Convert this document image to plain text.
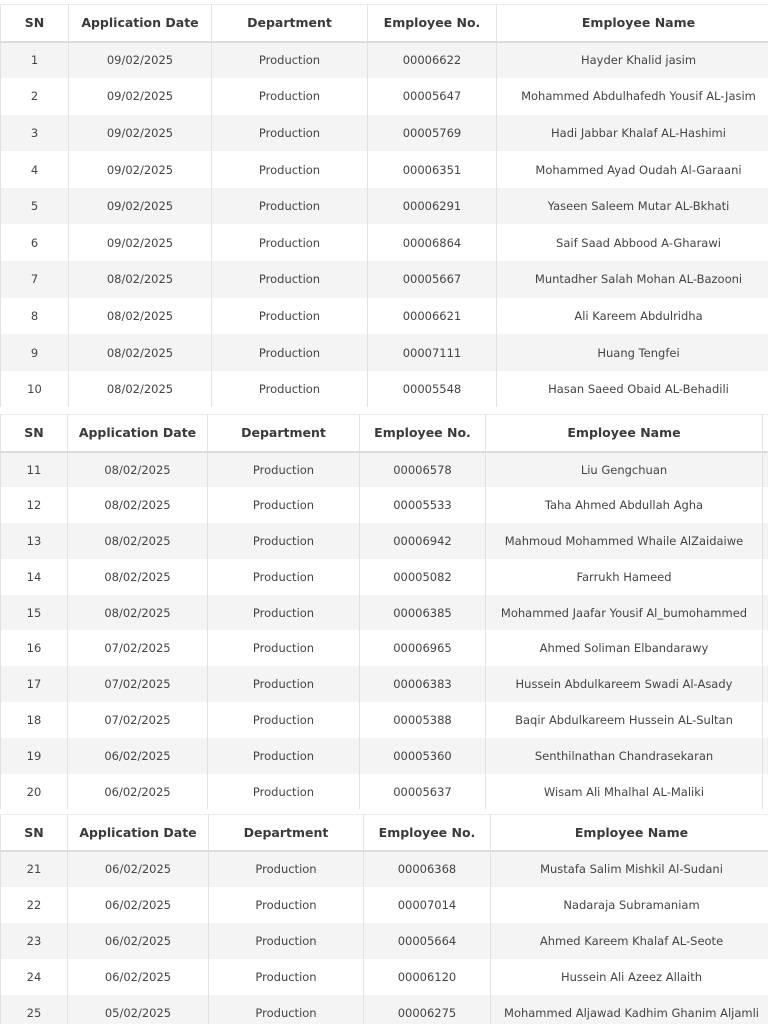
SN	Application Date	Department	Employee No.	Employee Name
1	09/02/2025	Production	00006622	Hayder Khalid jasim
2	09/02/2025	Production	00005647	Mohammed Abdulhafedh Yousif AL-Jasim
3	09/02/2025	Production	00005769	Hadi Jabbar Khalaf AL-Hashimi
4	09/02/2025	Production	00006351	Mohammed Ayad Oudah Al-Garaani
5	09/02/2025	Production	00006291	Yaseen Saleem Mutar AL-Bkhati
6	09/02/2025	Production	00006864	Saif Saad Abbood A-Gharawi
7	08/02/2025	Production	00005667	Muntadher Salah Mohan AL-Bazooni
8	08/02/2025	Production	00006621	Ali Kareem Abdulridha
9	08/02/2025	Production	00007111	Huang Tengfei
10	08/02/2025	Production	00005548	Hasan Saeed Obaid AL-Behadili
SN	Application Date	Department	Employee No.	Employee Name	
11	08/02/2025	Production	00006578	Liu Gengchuan	
12	08/02/2025	Production	00005533	Taha Ahmed Abdullah Agha	
13	08/02/2025	Production	00006942	Mahmoud Mohammed Whaile AlZaidaiwe	
14	08/02/2025	Production	00005082	Farrukh Hameed	
15	08/02/2025	Production	00006385	Mohammed Jaafar Yousif Al_bumohammed	
16	07/02/2025	Production	00006965	Ahmed Soliman Elbandarawy	
17	07/02/2025	Production	00006383	Hussein Abdulkareem Swadi Al-Asady	
18	07/02/2025	Production	00005388	Baqir Abdulkareem Hussein AL-Sultan	
19	06/02/2025	Production	00005360	Senthilnathan Chandrasekaran	
20	06/02/2025	Production	00005637	Wisam Ali Mhalhal AL-Maliki	
SN	Application Date	Department	Employee No.	Employee Name
21	06/02/2025	Production	00006368	Mustafa Salim Mishkil Al-Sudani
22	06/02/2025	Production	00007014	Nadaraja Subramaniam
23	06/02/2025	Production	00005664	Ahmed Kareem Khalaf AL-Seote
24	06/02/2025	Production	00006120	Hussein Ali Azeez Allaith
25	05/02/2025	Production	00006275	Mohammed Aljawad Kadhim Ghanim Aljamli
